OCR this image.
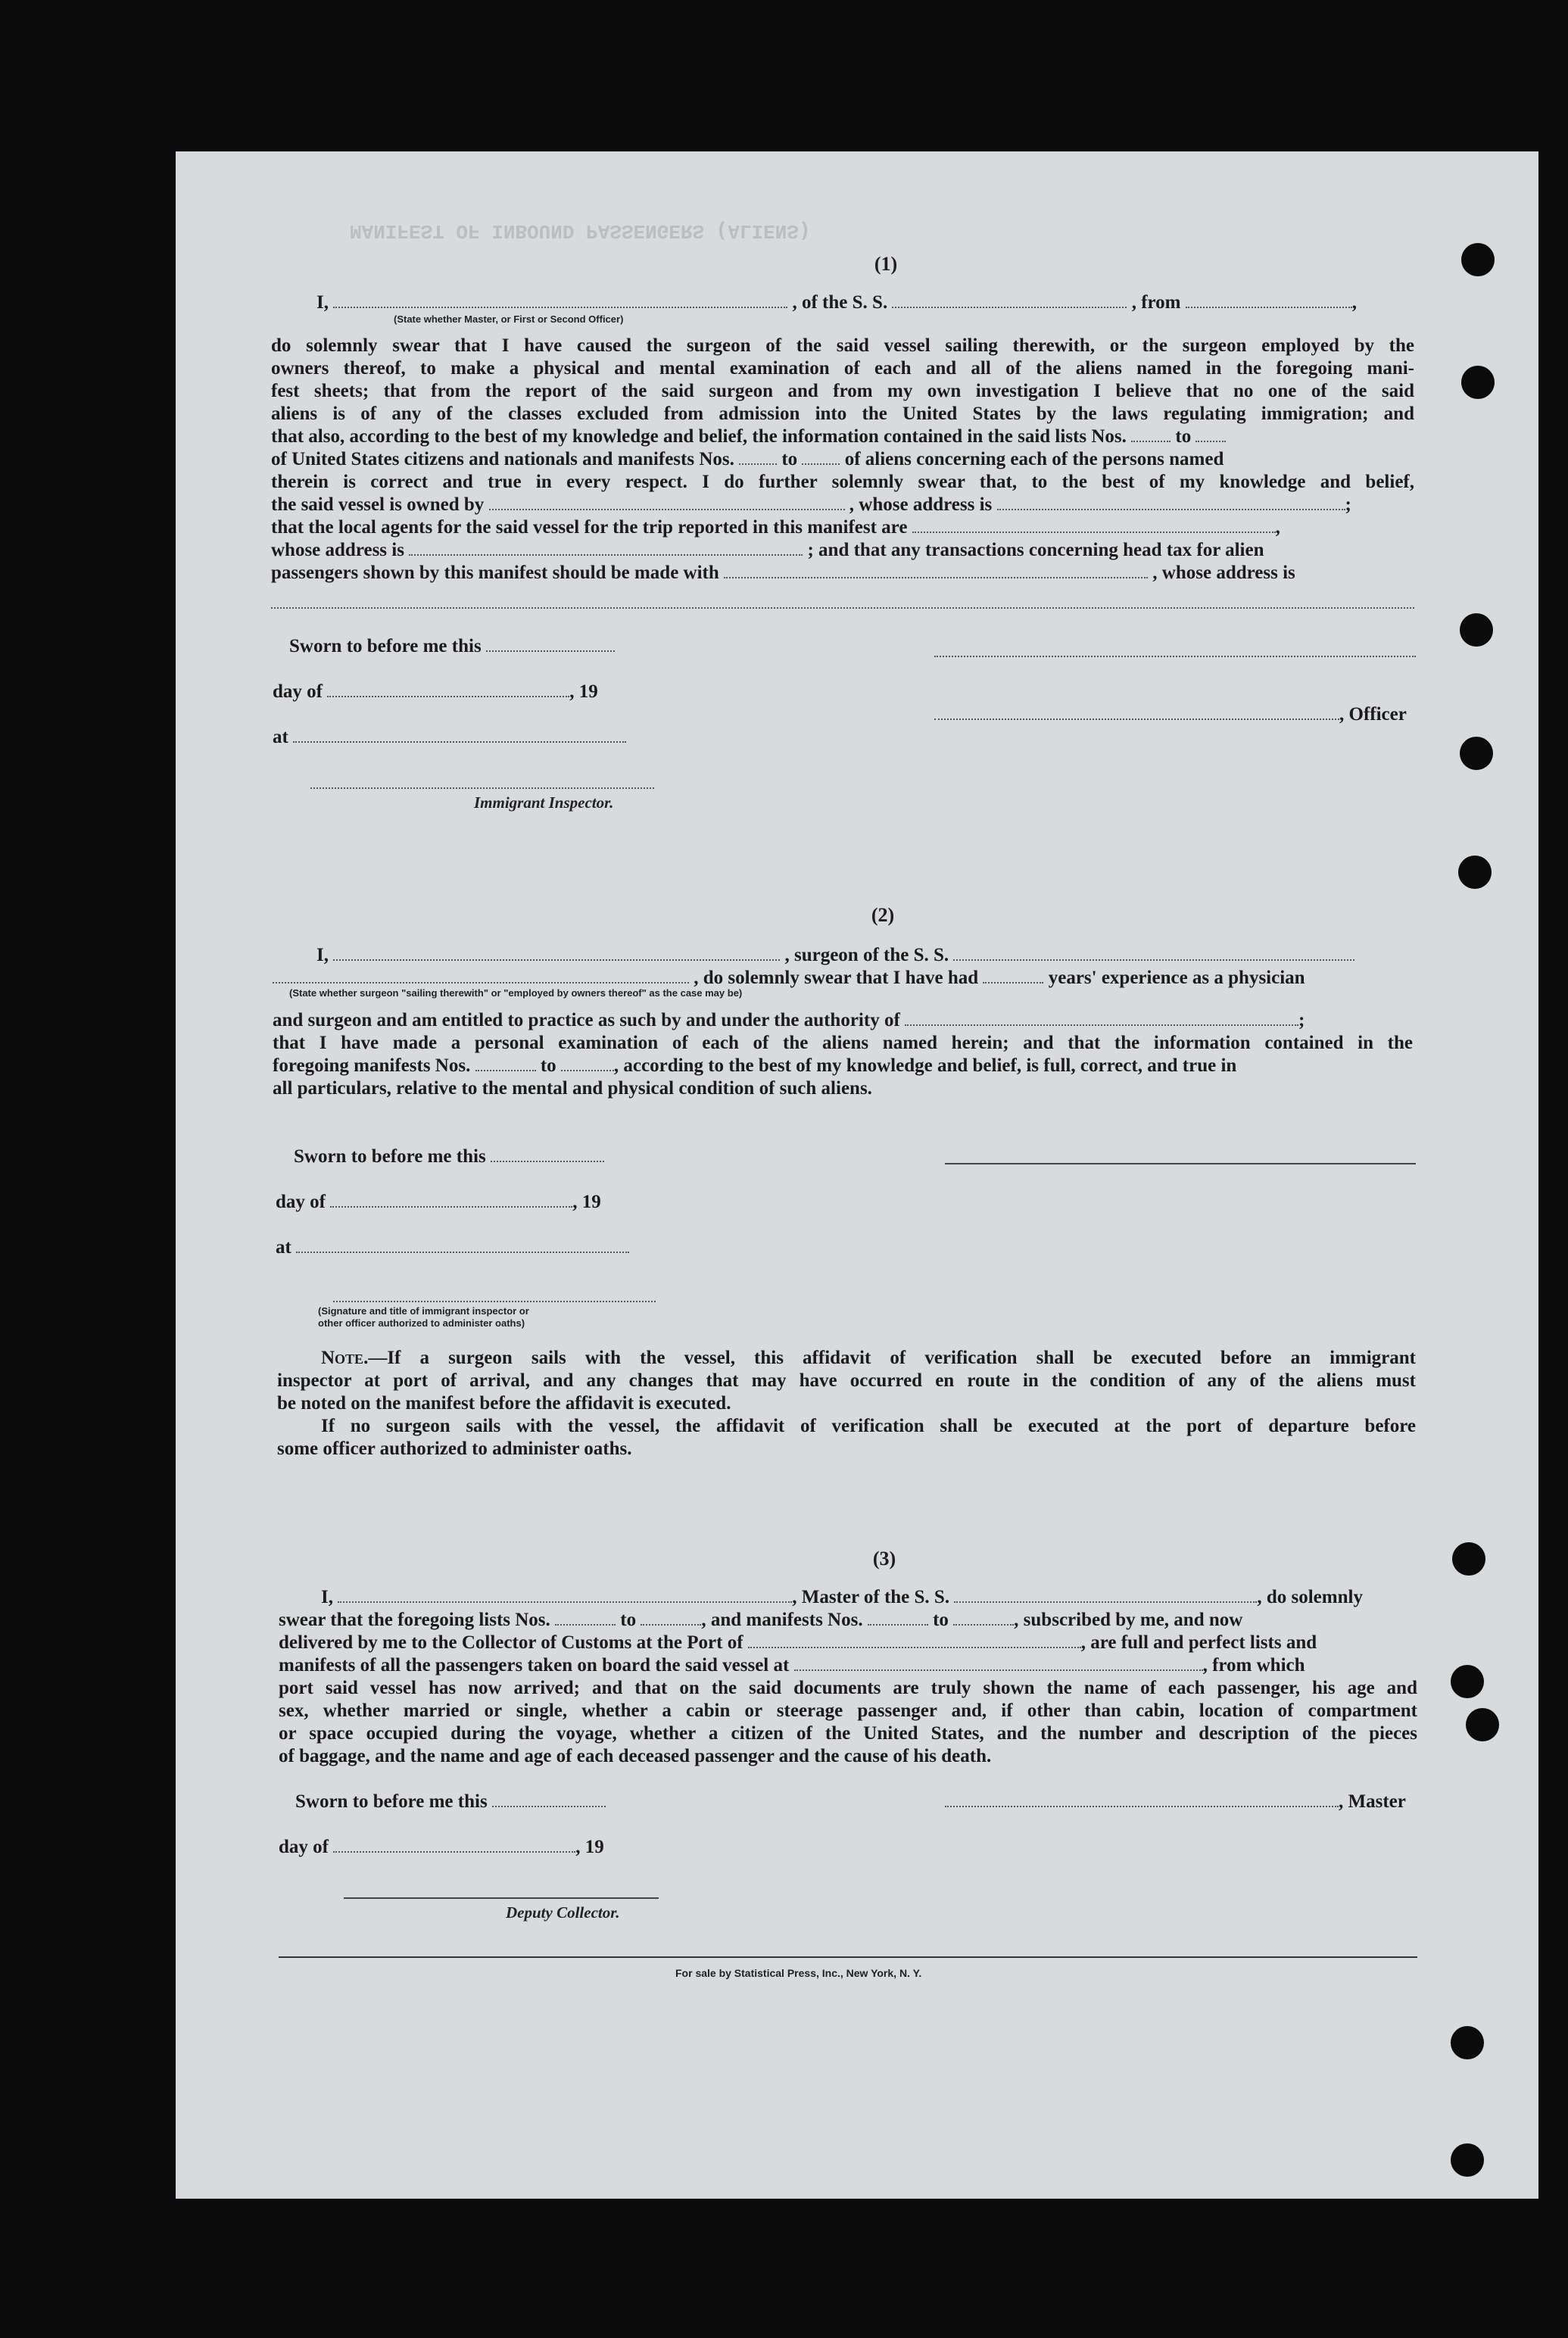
MANIFEST OF INBOUND PASSENGERS (ALIENS)
(1)
I,	, of the S. S.	, from	,
(State whether Master, or First or Second Officer)
do solemnly swear that I have caused the surgeon of the said vessel sailing therewith, or the surgeon employed by the
owners thereof, to make a physical and mental examination of each and all of the aliens named in the foregoing mani-
fest sheets; that from the report of the said surgeon and from my own investigation I believe that no one of the said
aliens is of any of the classes excluded from admission into the United States by the laws regulating immigration; and
that also, according to the best of my knowledge and belief, the information contained in the said lists Nos.	to
of United States citizens and nationals and manifests Nos.	to	of aliens concerning each of the persons named
therein is correct and true in every respect. I do further solemnly swear that, to the best of my knowledge and belief,
the said vessel is owned by	, whose address is	;
that the local agents for the said vessel for the trip reported in this manifest are	,
whose address is	; and that any transactions concerning head tax for alien
passengers shown by this manifest should be made with	, whose address is
Sworn to before me this
day of	, 19
, Officer
at
Immigrant Inspector.
(2)
I,	, surgeon of the S. S.
, do solemnly swear that I have had	years' experience as a physician
(State whether surgeon "sailing therewith" or "employed by owners thereof" as the case may be)
and surgeon and am entitled to practice as such by and under the authority of	;
that I have made a personal examination of each of the aliens named herein; and that the information contained in the
foregoing manifests Nos.	to	, according to the best of my knowledge and belief, is full, correct, and true in
all particulars, relative to the mental and physical condition of such aliens.
Sworn to before me this
day of	, 19
at
(Signature and title of immigrant inspector or
other officer authorized to administer oaths)
Note.—If a surgeon sails with the vessel, this affidavit of verification shall be executed before an immigrant
inspector at port of arrival, and any changes that may have occurred en route in the condition of any of the aliens must
be noted on the manifest before the affidavit is executed.
If no surgeon sails with the vessel, the affidavit of verification shall be executed at the port of departure before
some officer authorized to administer oaths.
(3)
I,	, Master of the S. S.	, do solemnly
swear that the foregoing lists Nos.	to	, and manifests Nos.	to	, subscribed by me, and now
delivered by me to the Collector of Customs at the Port of	, are full and perfect lists and
manifests of all the passengers taken on board the said vessel at	, from which
port said vessel has now arrived; and that on the said documents are truly shown the name of each passenger, his age and
sex, whether married or single, whether a cabin or steerage passenger and, if other than cabin, location of compartment
or space occupied during the voyage, whether a citizen of the United States, and the number and description of the pieces
of baggage, and the name and age of each deceased passenger and the cause of his death.
Sworn to before me this	, Master
day of	, 19
Deputy Collector.
For sale by Statistical Press, Inc., New York, N. Y.
